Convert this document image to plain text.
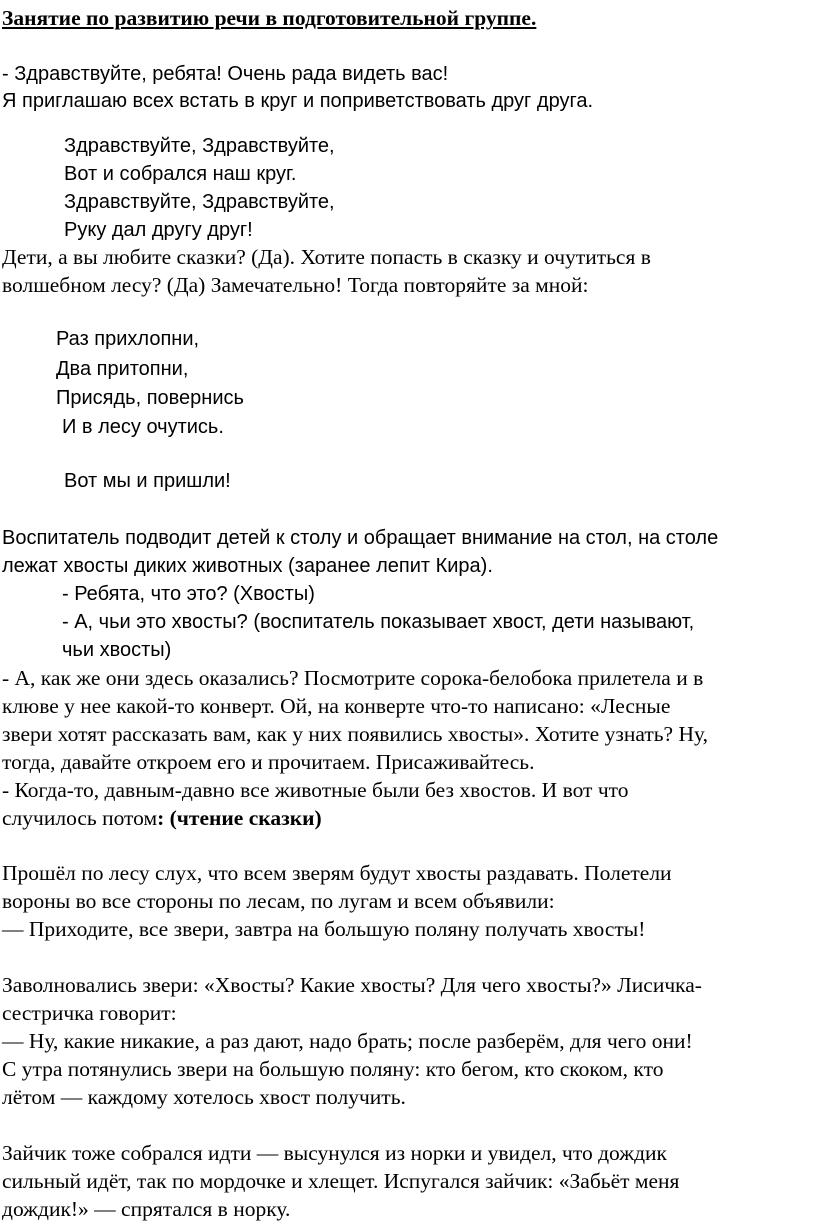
Занятие по развитию речи в подготовительной группе.
- Здравствуйте, ребята! Очень рада видеть вас!
Я приглашаю всех встать в круг и поприветствовать друг друга.
Здравствуйте, Здравствуйте,
Вот и собрался наш круг.
Здравствуйте, Здравствуйте,
Руку дал другу друг!
Дети, а вы любите сказки? (Да). Хотите попасть в сказку и очутиться в
волшебном лесу? (Да) Замечательно! Тогда повторяйте за мной:
Раз прихлопни,
Два притопни,
Присядь, повернись
И в лесу очутись.
Вот мы и пришли!
Воспитатель подводит детей к столу и обращает внимание на стол, на столе
лежат хвосты диких животных (заранее лепит Кира).
- Ребята, что это? (Хвосты)
- А, чьи это хвосты? (воспитатель показывает хвост, дети называют,
чьи хвосты)
- А, как же они здесь оказались? Посмотрите сорока-белобока прилетела и в
клюве у нее какой-то конверт. Ой, на конверте что-то написано: «Лесные
звери хотят рассказать вам, как у них появились хвосты». Хотите узнать? Ну,
тогда, давайте откроем его и прочитаем. Присаживайтесь.
- Когда-то, давным-давно все животные были без хвостов. И вот что
случилось потом: (чтение сказки)
Прошёл по лесу слух, что всем зверям будут хвосты раздавать. Полетели
вороны во все стороны по лесам, по лугам и всем объявили:
— Приходите, все звери, завтра на большую поляну получать хвосты!
Заволновались звери: «Хвосты? Какие хвосты? Для чего хвосты?» Лисичка-
сестричка говорит:
— Ну, какие никакие, а раз дают, надо брать; после разберём, для чего они!
С утра потянулись звери на большую поляну: кто бегом, кто скоком, кто
лётом — каждому хотелось хвост получить.
Зайчик тоже собрался идти — высунулся из норки и увидел, что дождик
сильный идёт, так по мордочке и хлещет. Испугался зайчик: «Забьёт меня
дождик!» — спрятался в норку.
